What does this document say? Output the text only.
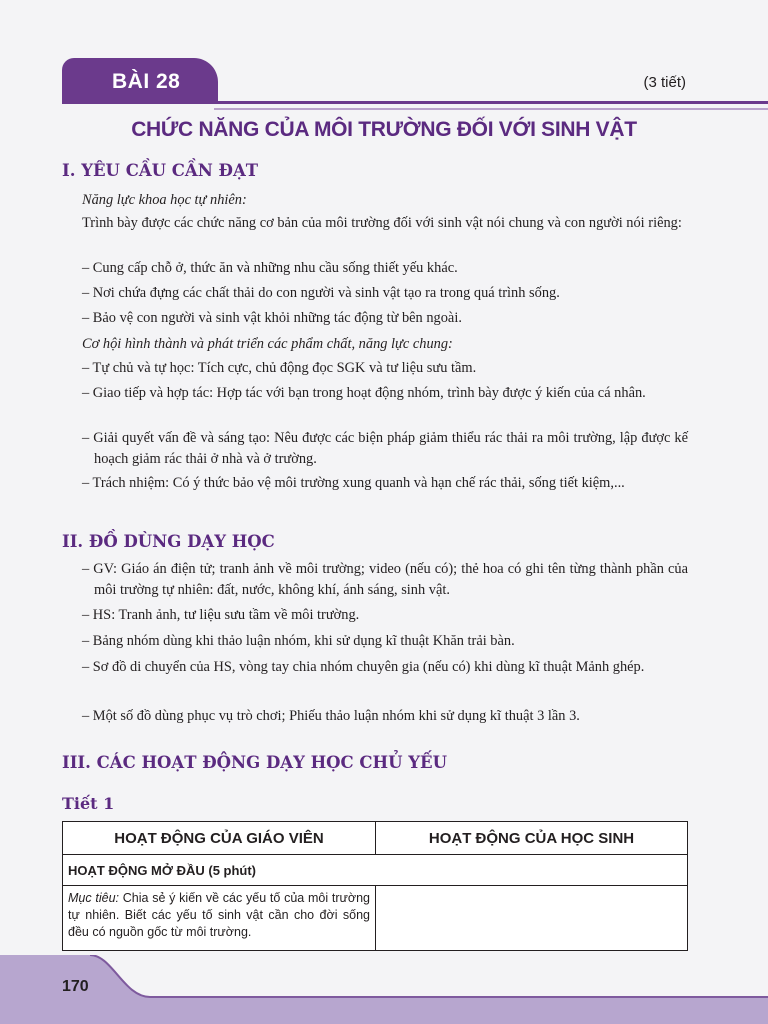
BÀI 28	(3 tiết)
CHỨC NĂNG CỦA MÔI TRƯỜNG ĐỐI VỚI SINH VẬT
I. YÊU CẦU CẦN ĐẠT
Năng lực khoa học tự nhiên:
Trình bày được các chức năng cơ bản của môi trường đối với sinh vật nói chung và con người nói riêng:
– Cung cấp chỗ ở, thức ăn và những nhu cầu sống thiết yếu khác.
– Nơi chứa đựng các chất thải do con người và sinh vật tạo ra trong quá trình sống.
– Bảo vệ con người và sinh vật khỏi những tác động từ bên ngoài.
Cơ hội hình thành và phát triển các phẩm chất, năng lực chung:
– Tự chủ và tự học: Tích cực, chủ động đọc SGK và tư liệu sưu tầm.
– Giao tiếp và hợp tác: Hợp tác với bạn trong hoạt động nhóm, trình bày được ý kiến của cá nhân.
– Giải quyết vấn đề và sáng tạo: Nêu được các biện pháp giảm thiểu rác thải ra môi trường, lập được kế hoạch giảm rác thải ở nhà và ở trường.
– Trách nhiệm: Có ý thức bảo vệ môi trường xung quanh và hạn chế rác thải, sống tiết kiệm,...
II. ĐỒ DÙNG DẠY HỌC
– GV: Giáo án điện tử; tranh ảnh về môi trường; video (nếu có); thẻ hoa có ghi tên từng thành phần của môi trường tự nhiên: đất, nước, không khí, ánh sáng, sinh vật.
– HS: Tranh ảnh, tư liệu sưu tầm về môi trường.
– Bảng nhóm dùng khi thảo luận nhóm, khi sử dụng kĩ thuật Khăn trải bàn.
– Sơ đồ di chuyển của HS, vòng tay chia nhóm chuyên gia (nếu có) khi dùng kĩ thuật Mảnh ghép.
– Một số đồ dùng phục vụ trò chơi; Phiếu thảo luận nhóm khi sử dụng kĩ thuật 3 lần 3.
III. CÁC HOẠT ĐỘNG DẠY HỌC CHỦ YẾU
Tiết 1
HOẠT ĐỘNG CỦA GIÁO VIÊN	HOẠT ĐỘNG CỦA HỌC SINH
HOẠT ĐỘNG MỞ ĐẦU (5 phút)	
Mục tiêu: Chia sẻ ý kiến về các yếu tố của môi trường tự nhiên. Biết các yếu tố sinh vật cần cho đời sống đều có nguồn gốc từ môi trường.	
170
